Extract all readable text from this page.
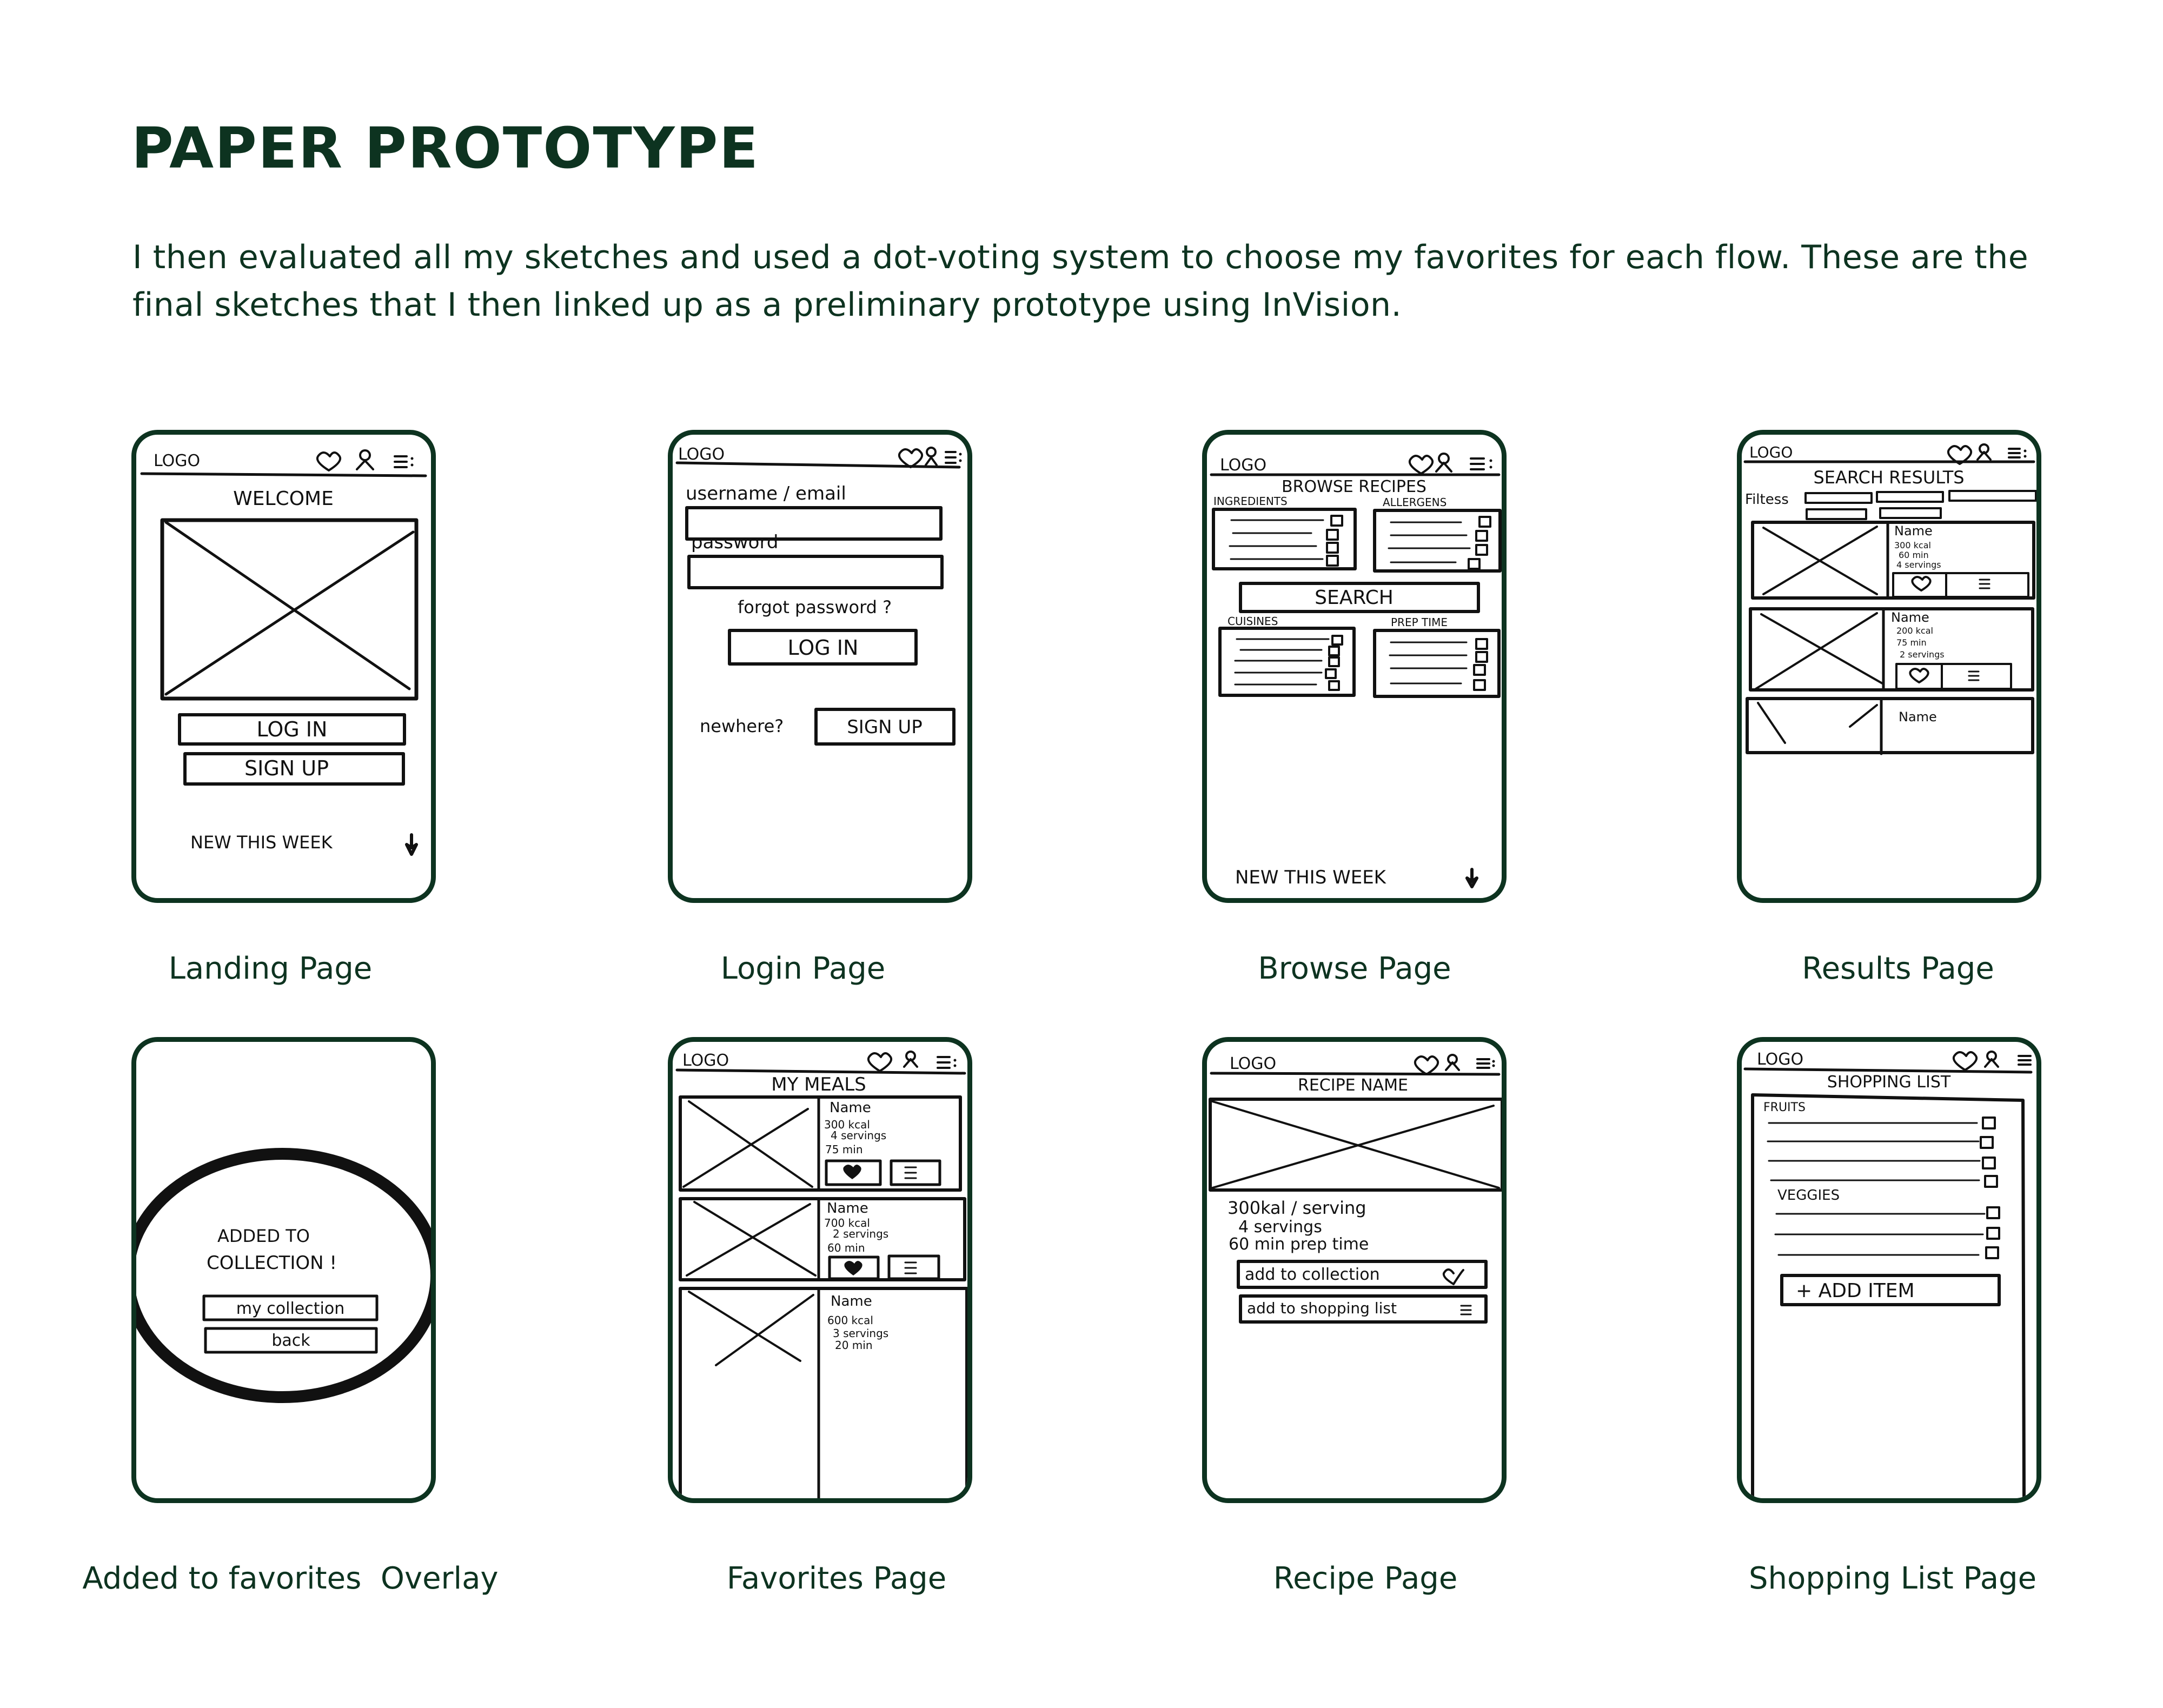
PAPER PROTOTYPE

I then evaluated all my sketches and used a dot-voting system to choose my favorites for each flow. These are the final sketches that I then linked up as a preliminary prototype using InVision.

LOGO
WELCOME
LOG IN
SIGN UP
NEW THIS WEEK
LOGO
username / email
password
forgot password ?
LOG IN
newhere?	SIGN UP
LOGO
BROWSE RECIPES
INGREDIENTS	ALLERGENS
SEARCH
CUISINES	PREP TIME
NEW THIS WEEK
LOGO
SEARCH RESULTS
Filtess
Name
300 kcal
60 min
4 servings
Name
200 kcal
75 min
2 servings
Name
Landing Page	Login Page	Browse Page	Results Page
ADDED TO
COLLECTION !
my collection
back
LOGO
MY MEALS
Name
300 kcal
4 servings
75 min
Name
700 kcal
2 servings
60 min
Name
600 kcal
3 servings
20 min
LOGO
RECIPE NAME
300kal / serving
4 servings
60 min prep time
add to collection
add to shopping list
LOGO
SHOPPING LIST
FRUITS
VEGGIES
+ ADD ITEM
Added to favorites  Overlay	Favorites Page	Recipe Page	Shopping List Page
